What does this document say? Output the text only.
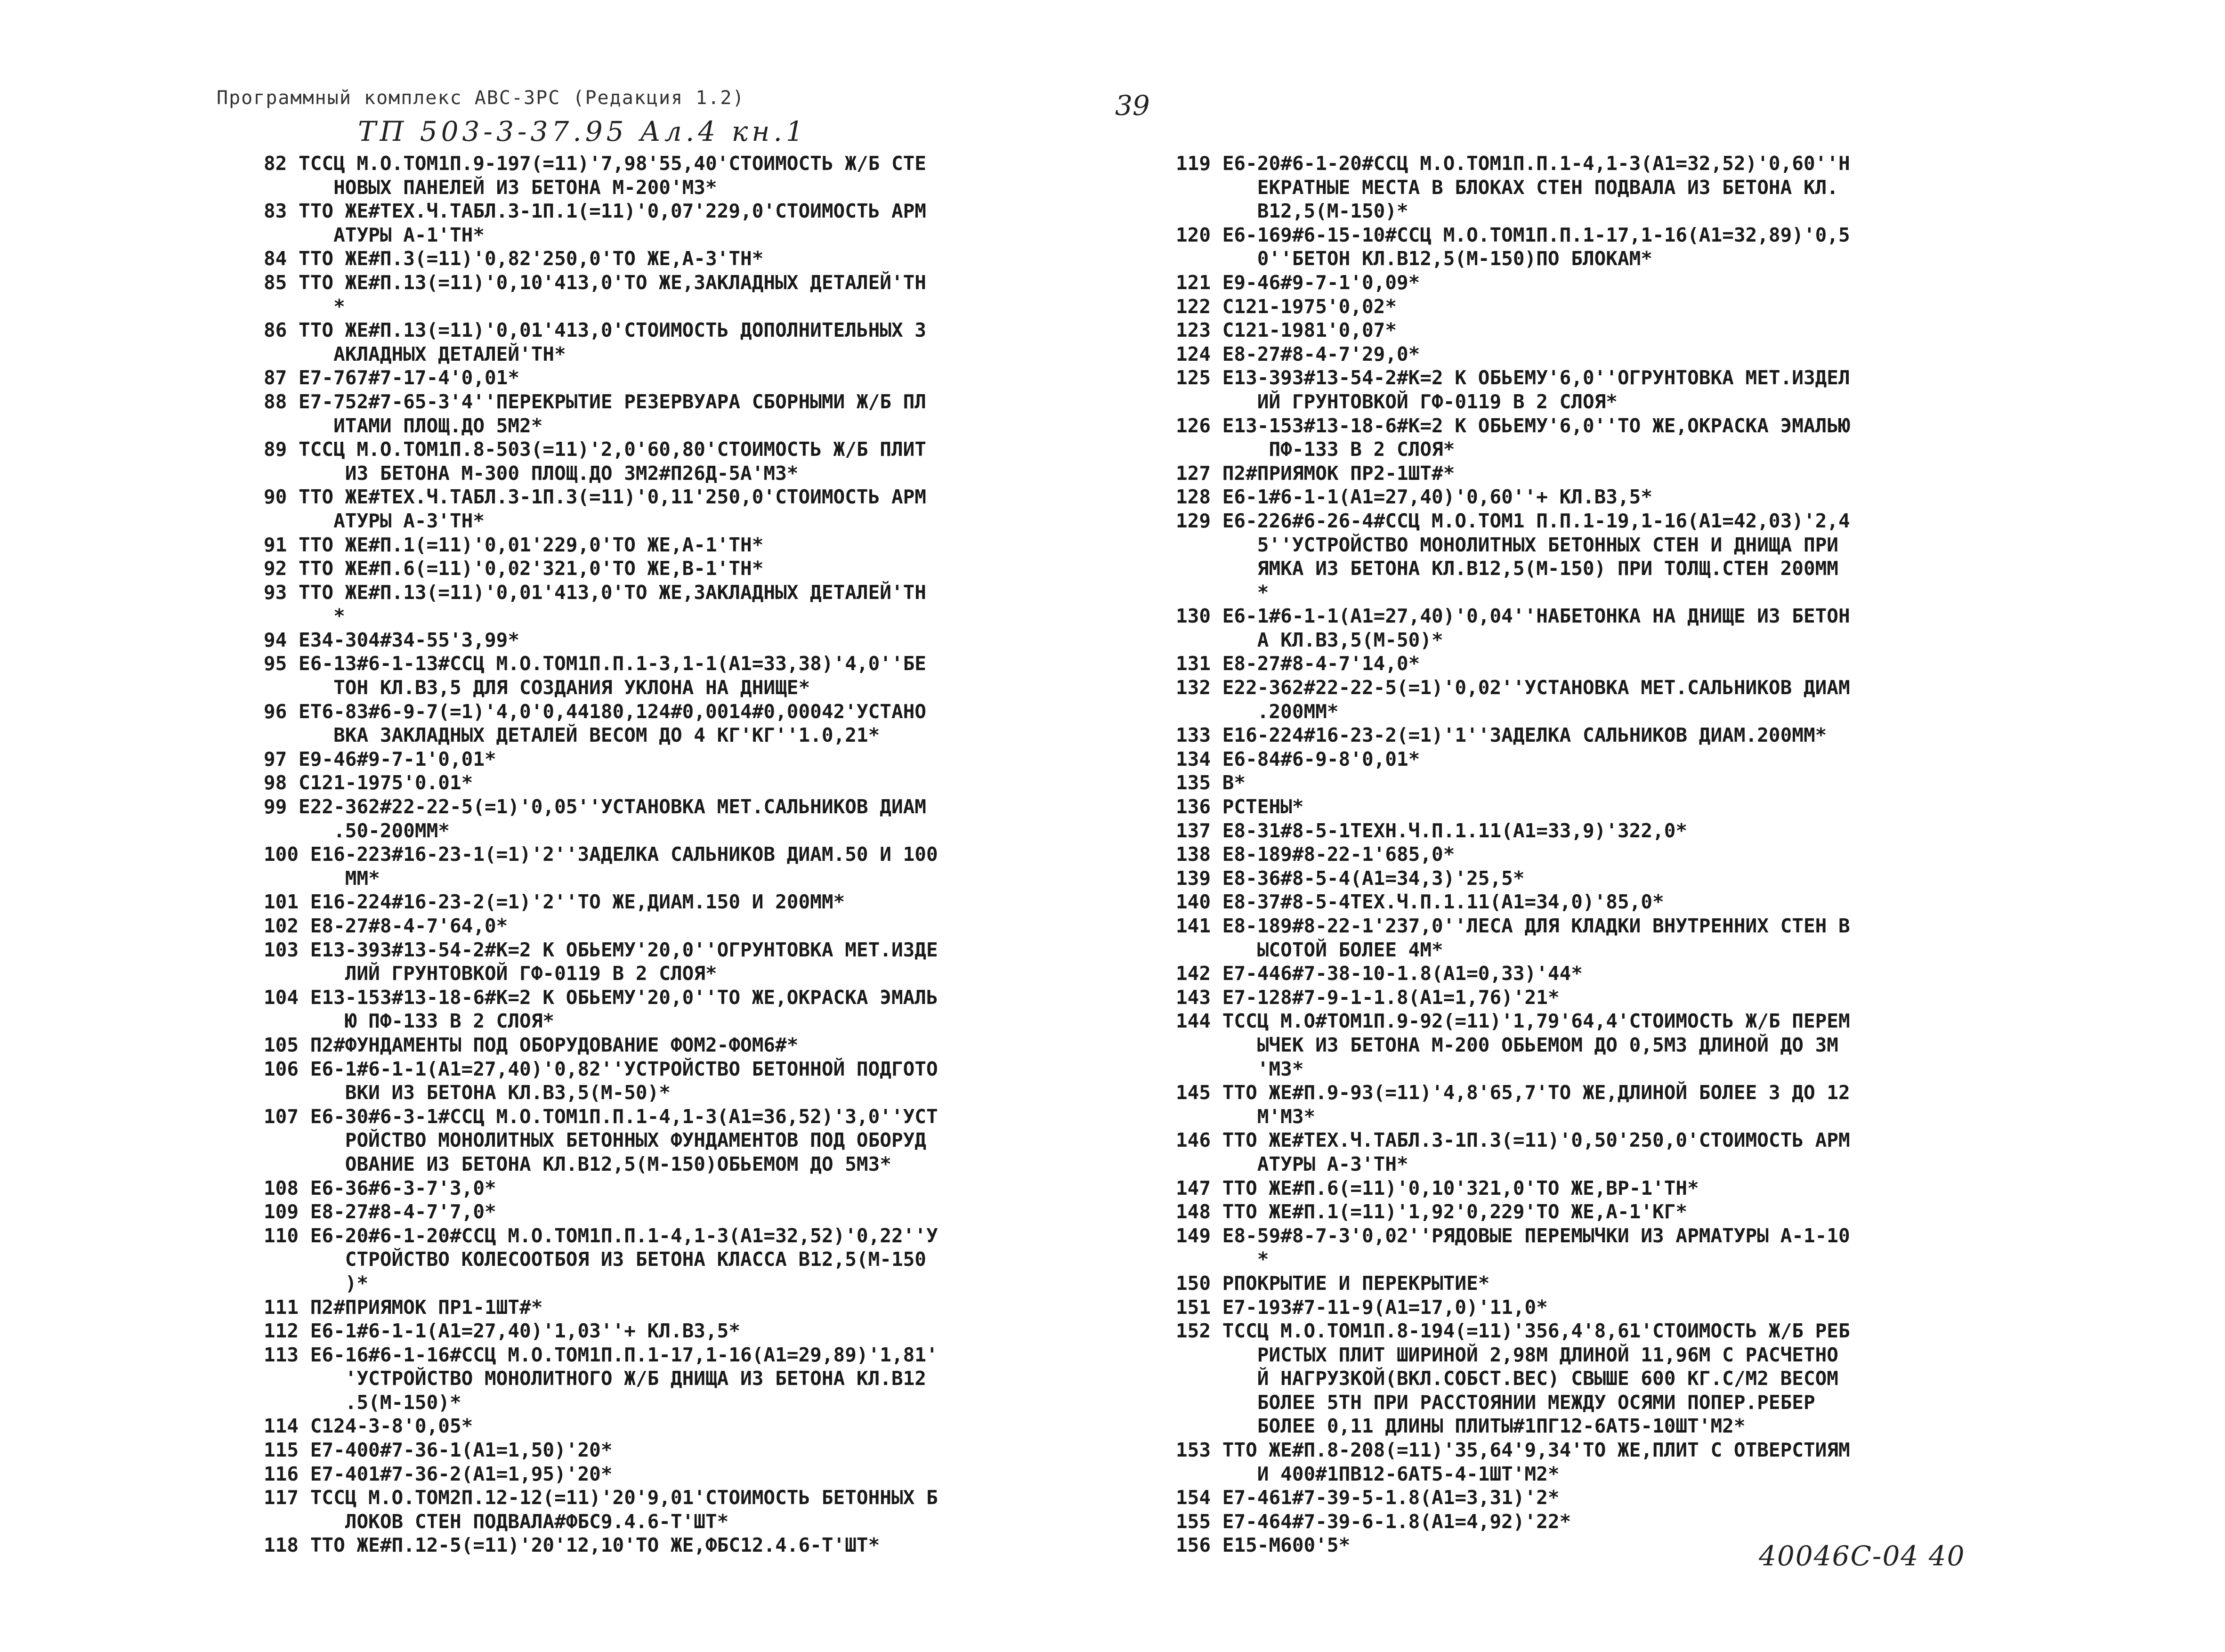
Программный комплекс АВС-ЗРС (Редакция 1.2)
ТП 503-3-37.95 Ал.4 кн.1
39
82 ТССЦ М.О.ТОМ1П.9-197(=11)'7,98'55,40'СТОИМОСТЬ Ж/Б СТЕ
НОВЫХ ПАНЕЛЕЙ ИЗ БЕТОНА М-200'М3*
83 ТТО ЖЕ#ТЕХ.Ч.ТАБЛ.3-1П.1(=11)'0,07'229,0'СТОИМОСТЬ АРМ
АТУРЫ А-1'ТН*
84 ТТО ЖЕ#П.3(=11)'0,82'250,0'ТО ЖЕ,А-3'ТН*
85 ТТО ЖЕ#П.13(=11)'0,10'413,0'ТО ЖЕ,ЗАКЛАДНЫХ ДЕТАЛЕЙ'ТН
*
86 ТТО ЖЕ#П.13(=11)'0,01'413,0'СТОИМОСТЬ ДОПОЛНИТЕЛЬНЫХ З
АКЛАДНЫХ ДЕТАЛЕЙ'ТН*
87 Е7-767#7-17-4'0,01*
88 Е7-752#7-65-3'4''ПЕРЕКРЫТИЕ РЕЗЕРВУАРА СБОРНЫМИ Ж/Б ПЛ
ИТАМИ ПЛОЩ.ДО 5М2*
89 ТССЦ М.О.ТОМ1П.8-503(=11)'2,0'60,80'СТОИМОСТЬ Ж/Б ПЛИТ
ИЗ БЕТОНА М-300 ПЛОЩ.ДО 3М2#П26Д-5А'М3*
90 ТТО ЖЕ#ТЕХ.Ч.ТАБЛ.3-1П.3(=11)'0,11'250,0'СТОИМОСТЬ АРМ
АТУРЫ А-3'ТН*
91 ТТО ЖЕ#П.1(=11)'0,01'229,0'ТО ЖЕ,А-1'ТН*
92 ТТО ЖЕ#П.6(=11)'0,02'321,0'ТО ЖЕ,В-1'ТН*
93 ТТО ЖЕ#П.13(=11)'0,01'413,0'ТО ЖЕ,ЗАКЛАДНЫХ ДЕТАЛЕЙ'ТН
*
94 Е34-304#34-55'3,99*
95 Е6-13#6-1-13#ССЦ М.О.ТОМ1П.П.1-3,1-1(А1=33,38)'4,0''БЕ
ТОН КЛ.В3,5 ДЛЯ СОЗДАНИЯ УКЛОНА НА ДНИЩЕ*
96 ЕТ6-83#6-9-7(=1)'4,0'0,44180,124#0,0014#0,00042'УСТАНО
ВКА ЗАКЛАДНЫХ ДЕТАЛЕЙ ВЕСОМ ДО 4 КГ'КГ''1.0,21*
97 Е9-46#9-7-1'0,01*
98 С121-1975'0.01*
99 Е22-362#22-22-5(=1)'0,05''УСТАНОВКА МЕТ.САЛЬНИКОВ ДИАМ
.50-200ММ*
100 Е16-223#16-23-1(=1)'2''ЗАДЕЛКА САЛЬНИКОВ ДИАМ.50 И 100
ММ*
101 Е16-224#16-23-2(=1)'2''ТО ЖЕ,ДИАМ.150 И 200ММ*
102 Е8-27#8-4-7'64,0*
103 Е13-393#13-54-2#К=2 К ОБЬЕМУ'20,0''ОГРУНТОВКА МЕТ.ИЗДЕ
ЛИЙ ГРУНТОВКОЙ ГФ-0119 В 2 СЛОЯ*
104 Е13-153#13-18-6#К=2 К ОБЬЕМУ'20,0''ТО ЖЕ,ОКРАСКА ЭМАЛЬ
Ю ПФ-133 В 2 СЛОЯ*
105 П2#ФУНДАМЕНТЫ ПОД ОБОРУДОВАНИЕ ФОМ2-ФОМ6#*
106 Е6-1#6-1-1(А1=27,40)'0,82''УСТРОЙСТВО БЕТОННОЙ ПОДГОТО
ВКИ ИЗ БЕТОНА КЛ.В3,5(М-50)*
107 Е6-30#6-3-1#ССЦ М.О.ТОМ1П.П.1-4,1-3(А1=36,52)'3,0''УСТ
РОЙСТВО МОНОЛИТНЫХ БЕТОННЫХ ФУНДАМЕНТОВ ПОД ОБОРУД
ОВАНИЕ ИЗ БЕТОНА КЛ.В12,5(М-150)ОБЬЕМОМ ДО 5М3*
108 Е6-36#6-3-7'3,0*
109 Е8-27#8-4-7'7,0*
110 Е6-20#6-1-20#ССЦ М.О.ТОМ1П.П.1-4,1-3(А1=32,52)'0,22''У
СТРОЙСТВО КОЛЕСООТБОЯ ИЗ БЕТОНА КЛАССА В12,5(М-150
)*
111 П2#ПРИЯМОК ПР1-1ШТ#*
112 Е6-1#6-1-1(А1=27,40)'1,03''+ КЛ.В3,5*
113 Е6-16#6-1-16#ССЦ М.О.ТОМ1П.П.1-17,1-16(А1=29,89)'1,81'
'УСТРОЙСТВО МОНОЛИТНОГО Ж/Б ДНИЩА ИЗ БЕТОНА КЛ.В12
.5(М-150)*
114 С124-3-8'0,05*
115 Е7-400#7-36-1(А1=1,50)'20*
116 Е7-401#7-36-2(А1=1,95)'20*
117 ТССЦ М.О.ТОМ2П.12-12(=11)'20'9,01'СТОИМОСТЬ БЕТОННЫХ Б
ЛОКОВ СТЕН ПОДВАЛА#ФБС9.4.6-Т'ШТ*
118 ТТО ЖЕ#П.12-5(=11)'20'12,10'ТО ЖЕ,ФБС12.4.6-Т'ШТ*
119 Е6-20#6-1-20#ССЦ М.О.ТОМ1П.П.1-4,1-3(А1=32,52)'0,60''Н
ЕКРАТНЫЕ МЕСТА В БЛОКАХ СТЕН ПОДВАЛА ИЗ БЕТОНА КЛ.
В12,5(М-150)*
120 Е6-169#6-15-10#ССЦ М.О.ТОМ1П.П.1-17,1-16(А1=32,89)'0,5
0''БЕТОН КЛ.В12,5(М-150)ПО БЛОКАМ*
121 Е9-46#9-7-1'0,09*
122 С121-1975'0,02*
123 С121-1981'0,07*
124 Е8-27#8-4-7'29,0*
125 Е13-393#13-54-2#К=2 К ОБЬЕМУ'6,0''ОГРУНТОВКА МЕТ.ИЗДЕЛ
ИЙ ГРУНТОВКОЙ ГФ-0119 В 2 СЛОЯ*
126 Е13-153#13-18-6#К=2 К ОБЬЕМУ'6,0''ТО ЖЕ,ОКРАСКА ЭМАЛЬЮ
ПФ-133 В 2 СЛОЯ*
127 П2#ПРИЯМОК ПР2-1ШТ#*
128 Е6-1#6-1-1(А1=27,40)'0,60''+ КЛ.В3,5*
129 Е6-226#6-26-4#ССЦ М.О.ТОМ1 П.П.1-19,1-16(А1=42,03)'2,4
5''УСТРОЙСТВО МОНОЛИТНЫХ БЕТОННЫХ СТЕН И ДНИЩА ПРИ
ЯМКА ИЗ БЕТОНА КЛ.В12,5(М-150) ПРИ ТОЛЩ.СТЕН 200ММ
*
130 Е6-1#6-1-1(А1=27,40)'0,04''НАБЕТОНКА НА ДНИЩЕ ИЗ БЕТОН
А КЛ.В3,5(М-50)*
131 Е8-27#8-4-7'14,0*
132 Е22-362#22-22-5(=1)'0,02''УСТАНОВКА МЕТ.САЛЬНИКОВ ДИАМ
.200ММ*
133 Е16-224#16-23-2(=1)'1''ЗАДЕЛКА САЛЬНИКОВ ДИАМ.200ММ*
134 Е6-84#6-9-8'0,01*
135 В*
136 РСТЕНЫ*
137 Е8-31#8-5-1ТЕХН.Ч.П.1.11(А1=33,9)'322,0*
138 Е8-189#8-22-1'685,0*
139 Е8-36#8-5-4(А1=34,3)'25,5*
140 Е8-37#8-5-4ТЕХ.Ч.П.1.11(А1=34,0)'85,0*
141 Е8-189#8-22-1'237,0''ЛЕСА ДЛЯ КЛАДКИ ВНУТРЕННИХ СТЕН В
ЫСОТОЙ БОЛЕЕ 4М*
142 Е7-446#7-38-10-1.8(А1=0,33)'44*
143 Е7-128#7-9-1-1.8(А1=1,76)'21*
144 ТССЦ М.О#ТОМ1П.9-92(=11)'1,79'64,4'СТОИМОСТЬ Ж/Б ПЕРЕМ
ЫЧЕК ИЗ БЕТОНА М-200 ОБЬЕМОМ ДО 0,5М3 ДЛИНОЙ ДО 3М
'М3*
145 ТТО ЖЕ#П.9-93(=11)'4,8'65,7'ТО ЖЕ,ДЛИНОЙ БОЛЕЕ 3 ДО 12
М'М3*
146 ТТО ЖЕ#ТЕХ.Ч.ТАБЛ.3-1П.3(=11)'0,50'250,0'СТОИМОСТЬ АРМ
АТУРЫ А-3'ТН*
147 ТТО ЖЕ#П.6(=11)'0,10'321,0'ТО ЖЕ,ВР-1'ТН*
148 ТТО ЖЕ#П.1(=11)'1,92'0,229'ТО ЖЕ,А-1'КГ*
149 Е8-59#8-7-3'0,02''РЯДОВЫЕ ПЕРЕМЫЧКИ ИЗ АРМАТУРЫ А-1-10
*
150 РПОКРЫТИЕ И ПЕРЕКРЫТИЕ*
151 Е7-193#7-11-9(А1=17,0)'11,0*
152 ТССЦ М.О.ТОМ1П.8-194(=11)'356,4'8,61'СТОИМОСТЬ Ж/Б РЕБ
РИСТЫХ ПЛИТ ШИРИНОЙ 2,98М ДЛИНОЙ 11,96М С РАСЧЕТНО
Й НАГРУЗКОЙ(ВКЛ.СОБСТ.ВЕС) СВЫШЕ 600 КГ.С/М2 ВЕСОМ
БОЛЕЕ 5ТН ПРИ РАССТОЯНИИ МЕЖДУ ОСЯМИ ПОПЕР.РЕБЕР
БОЛЕЕ 0,11 ДЛИНЫ ПЛИТЫ#1ПГ12-6АТ5-10ШТ'М2*
153 ТТО ЖЕ#П.8-208(=11)'35,64'9,34'ТО ЖЕ,ПЛИТ С ОТВЕРСТИЯМ
И 400#1ПВ12-6АТ5-4-1ШТ'М2*
154 Е7-461#7-39-5-1.8(А1=3,31)'2*
155 Е7-464#7-39-6-1.8(А1=4,92)'22*
156 Е15-М600'5*	40046С-04 40
